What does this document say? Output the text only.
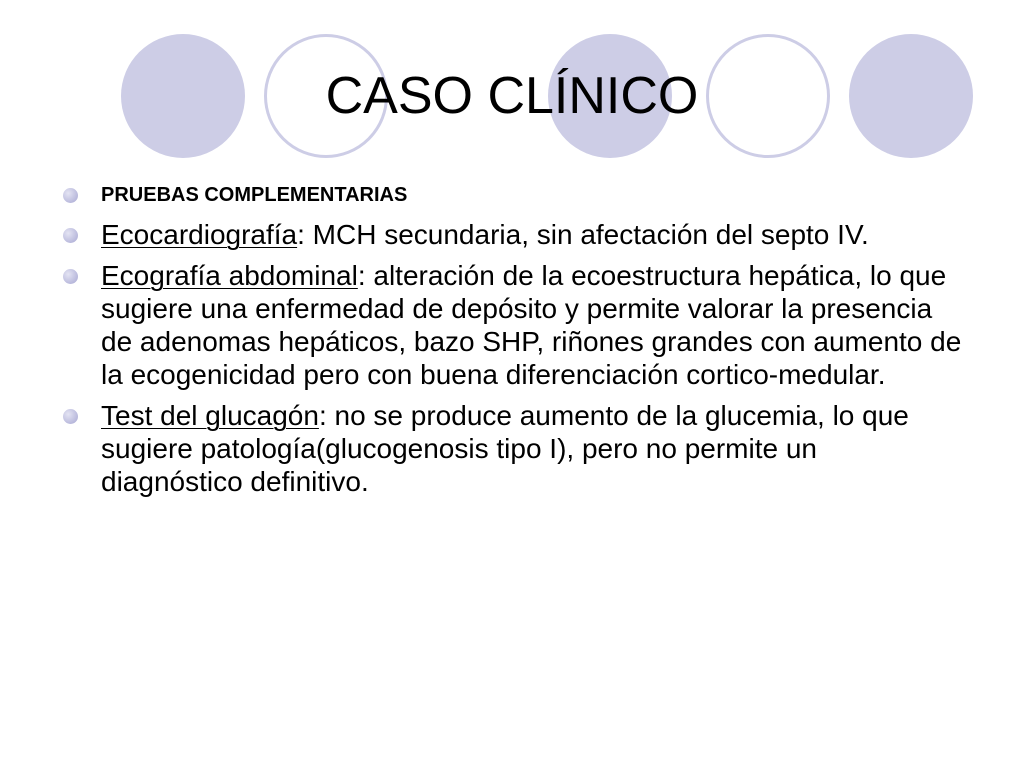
CASO CLÍNICO
PRUEBAS COMPLEMENTARIAS
Ecocardiografía: MCH secundaria, sin afectación del septo IV.
Ecografía abdominal: alteración de la ecoestructura hepática, lo que sugiere una enfermedad de depósito y permite valorar la presencia de adenomas hepáticos, bazo SHP, riñones grandes con aumento de la ecogenicidad pero con buena diferenciación cortico-medular.
Test del glucagón: no se produce aumento de la glucemia, lo que sugiere patología(glucogenosis tipo I), pero no permite un diagnóstico definitivo.
